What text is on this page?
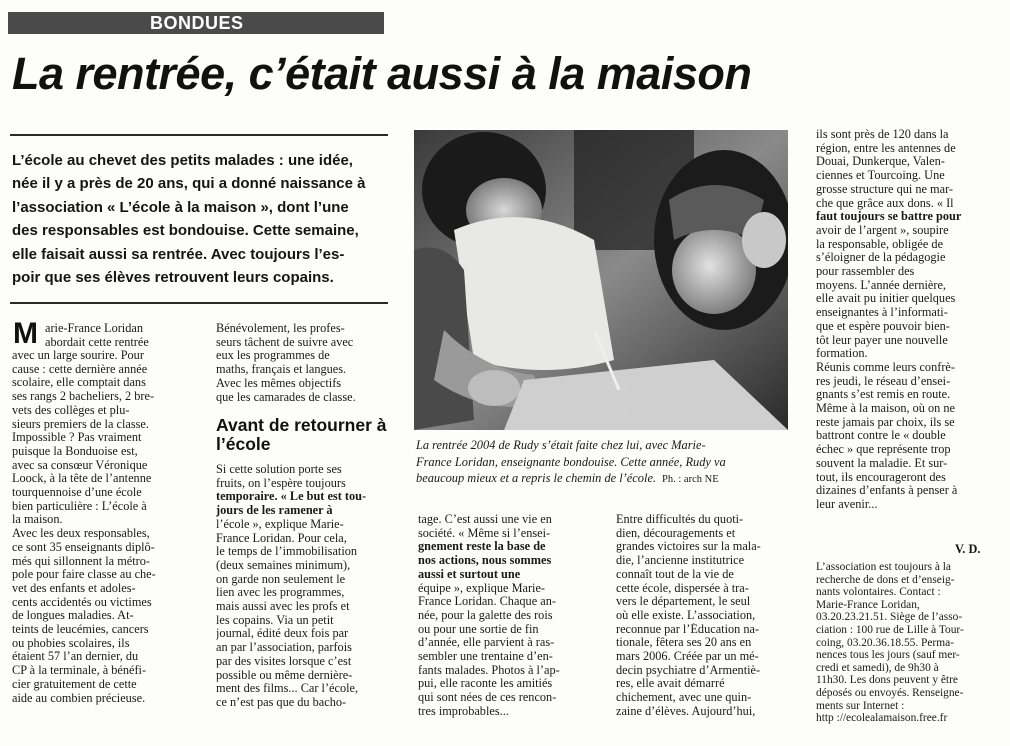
BONDUES
La rentrée, c’était aussi à la maison
L’école au chevet des petits malades : une idée,
née il y a près de 20 ans, qui a donné naissance à
l’association « L’école à la maison », dont l’une
des responsables est bondouise. Cette semaine,
elle faisait aussi sa rentrée. Avec toujours l’es-
poir que ses élèves retrouvent leurs copains.
M arie-France Loridan
abordait cette rentrée
avec un large sourire. Pour
cause : cette dernière année
scolaire, elle comptait dans
ses rangs 2 bacheliers, 2 bre-
vets des collèges et plu-
sieurs premiers de la classe.
Impossible ? Pas vraiment
puisque la Bonduoise est,
avec sa consœur Véronique
Loock, à la tête de l’antenne
tourquennoise d’une école
bien particulière : L’école à
la maison.
Avec les deux responsables,
ce sont 35 enseignants diplô-
més qui sillonnent la métro-
pole pour faire classe au che-
vet des enfants et adoles-
cents accidentés ou victimes
de longues maladies. At-
teints de leucémies, cancers
ou phobies scolaires, ils
étaient 57 l’an dernier, du
CP à la terminale, à bénéfi-
cier gratuitement de cette
aide au combien précieuse.
Bénévolement, les profes-
seurs tâchent de suivre avec
eux les programmes de
maths, français et langues.
Avec les mêmes objectifs
que les camarades de classe.
Avant de retourner à l’école
Si cette solution porte ses
fruits, on l’espère toujours
temporaire. « Le but est tou-
jours de les ramener à
l’école », explique Marie-
France Loridan. Pour cela,
le temps de l’immobilisation
(deux semaines minimum),
on garde non seulement le
lien avec les programmes,
mais aussi avec les profs et
les copains. Via un petit
journal, édité deux fois par
an par l’association, parfois
par des visites lorsque c’est
possible ou même dernière-
ment des films... Car l’école,
ce n’est pas que du bacho-
La rentrée 2004 de Rudy s’était faite chez lui, avec Marie-
France Loridan, enseignante bondouise. Cette année, Rudy va
beaucoup mieux et a repris le chemin de l’école. Ph. : arch NE
tage. C’est aussi une vie en
société. « Même si l’ensei-
gnement reste la base de
nos actions, nous sommes
aussi et surtout une
équipe », explique Marie-
France Loridan. Chaque an-
née, pour la galette des rois
ou pour une sortie de fin
d’année, elle parvient à ras-
sembler une trentaine d’en-
fants malades. Photos à l’ap-
pui, elle raconte les amitiés
qui sont nées de ces rencon-
tres improbables...
Entre difficultés du quoti-
dien, découragements et
grandes victoires sur la mala-
die, l’ancienne institutrice
connaît tout de la vie de
cette école, dispersée à tra-
vers le département, le seul
où elle existe. L’association,
reconnue par l’Éducation na-
tionale, fêtera ses 20 ans en
mars 2006. Créée par un mé-
decin psychiatre d’Armentiè-
res, elle avait démarré
chichement, avec une quin-
zaine d’élèves. Aujourd’hui,
ils sont près de 120 dans la
région, entre les antennes de
Douai, Dunkerque, Valen-
ciennes et Tourcoing. Une
grosse structure qui ne mar-
che que grâce aux dons. « Il
faut toujours se battre pour
avoir de l’argent », soupire
la responsable, obligée de
s’éloigner de la pédagogie
pour rassembler des
moyens. L’année dernière,
elle avait pu initier quelques
enseignantes à l’informati-
que et espère pouvoir bien-
tôt leur payer une nouvelle
formation.
Réunis comme leurs confrè-
res jeudi, le réseau d’ensei-
gnants s’est remis en route.
Même à la maison, où on ne
reste jamais par choix, ils se
battront contre le « double
échec » que représente trop
souvent la maladie. Et sur-
tout, ils encourageront des
dizaines d’enfants à penser à
leur avenir...
V. D.
L’association est toujours à la
recherche de dons et d’enseig-
nants volontaires. Contact :
Marie-France Loridan,
03.20.23.21.51. Siège de l’asso-
ciation : 100 rue de Lille à Tour-
coing, 03.20.36.18.55. Perma-
nences tous les jours (sauf mer-
credi et samedi), de 9h30 à
11h30. Les dons peuvent y être
déposés ou envoyés. Renseigne-
ments sur Internet :
http ://ecolealamaison.free.fr
